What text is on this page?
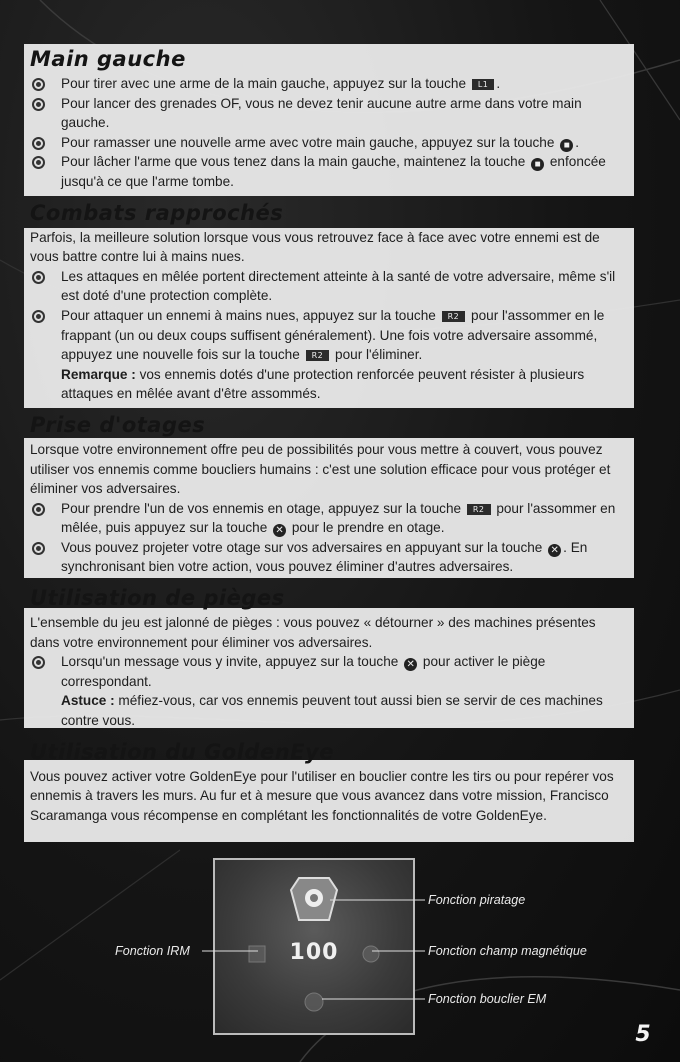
Main gauche
Pour tirer avec une arme de la main gauche, appuyez sur la touche L1 .
Pour lancer des grenades OF, vous ne devez tenir aucune autre arme dans votre main gauche.
Pour ramasser une nouvelle arme avec votre main gauche, appuyez sur la touche ■ .
Pour lâcher l'arme que vous tenez dans la main gauche, maintenez la touche ■ enfoncée jusqu'à ce que l'arme tombe.
Combats rapprochés

Parfois, la meilleure solution lorsque vous vous retrouvez face à face avec votre ennemi est de vous battre contre lui à mains nues.

Les attaques en mêlée portent directement atteinte à la santé de votre adversaire, même s'il est doté d'une protection complète.
Pour attaquer un ennemi à mains nues, appuyez sur la touche R2 pour l'assommer en le frappant (un ou deux coups suffisent généralement). Une fois votre adversaire assommé, appuyez une nouvelle fois sur la touche R2 pour l'éliminer.
Remarque : vos ennemis dotés d'une protection renforcée peuvent résister à plusieurs attaques en mêlée avant d'être assommés.
Prise d'otages

Lorsque votre environnement offre peu de possibilités pour vous mettre à couvert, vous pouvez utiliser vos ennemis comme boucliers humains : c'est une solution efficace pour vous protéger et éliminer vos adversaires.

Pour prendre l'un de vos ennemis en otage, appuyez sur la touche R2 pour l'assommer en mêlée, puis appuyez sur la touche ✕ pour le prendre en otage.
Vous pouvez projeter votre otage sur vos adversaires en appuyant sur la touche ✕ . En synchronisant bien votre action, vous pouvez éliminer d'autres adversaires.
Utilisation de pièges

L'ensemble du jeu est jalonné de pièges : vous pouvez « détourner » des machines présentes dans votre environnement pour éliminer vos adversaires.

Lorsqu'un message vous y invite, appuyez sur la touche ✕ pour activer le piège correspondant.
Astuce : méfiez-vous, car vos ennemis peuvent tout aussi bien se servir de ces machines contre vous.
Utilisation du GoldenEye

Vous pouvez activer votre GoldenEye pour l'utiliser en bouclier contre les tirs ou pour repérer vos ennemis à travers les murs. Au fur et à mesure que vous avancez dans votre mission, Francisco Scaramanga vous récompense en complétant les fonctionnalités de votre GoldenEye.

100
Fonction piratage
Fonction IRM	Fonction champ magnétique
Fonction bouclier EM
5
